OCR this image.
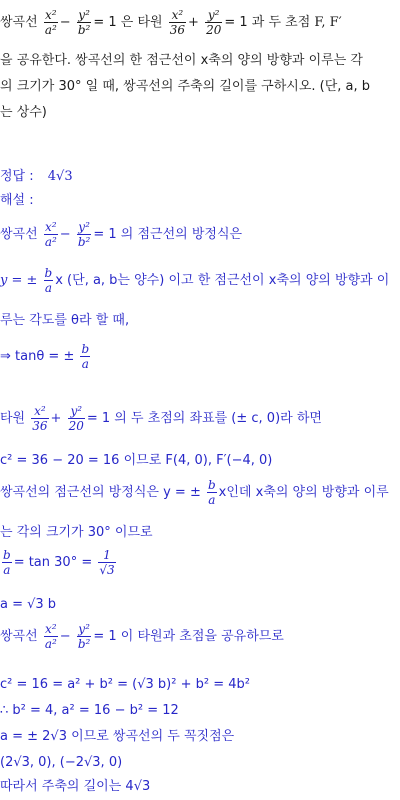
쌍곡선 $\frac{\text{x²}}{\text{a²}} - \frac{\text{y²}}{\text{b²}} = 1$ 은 타원 $\frac{\text{x²}}{36} + \frac{\text{y²}}{20} = 1$ 과 두 초점 F, F′
을 공유한다. 쌍곡선의 한 점근선이 x축의 양의 방향과 이루는 각
의 크기가 30° 일 때, 쌍곡선의 주축의 길이를 구하시오. (단, a, b
는 상수)
정답 : 4√3
해설 :
쌍곡선 $\frac{\text{x²}}{\text{a²}} - \frac{\text{y²}}{\text{b²}} = 1$ 의 점근선의 방정식은
y = ± $\frac{b}{a}$ x (단, a, b는 양수) 이고 한 점근선이 x축의 양의 방향과 이
루는 각도를 θ라 할 때,
⇒ tanθ = ± $\frac{b}{a}$
타원 $\frac{\text{x²}}{36} + \frac{\text{y²}}{20} = 1$ 의 두 초점의 좌표를 (± c, 0)라 하면
c² = 36 − 20 = 16 이므로 F(4, 0), F′(−4, 0)
쌍곡선의 점근선의 방정식은 y = ± $\frac{b}{a}$ x인데 x축의 양의 방향과 이루
는 각의 크기가 30° 이므로
$\frac{b}{a} = \tan 30^\circ = \frac{1}{√3}$
a = √3 b
쌍곡선 $\frac{\text{x²}}{\text{a²}} - \frac{\text{y²}}{\text{b²}} = 1$ 이 타원과 초점을 공유하므로
c² = 16 = a² + b² = (√3 b)² + b² = 4b²
∴ b² = 4, a² = 16 − b² = 12
a = ± 2√3 이므로 쌍곡선의 두 꼭짓점은
(2√3, 0), (−2√3, 0)
따라서 주축의 길이는 4√3
